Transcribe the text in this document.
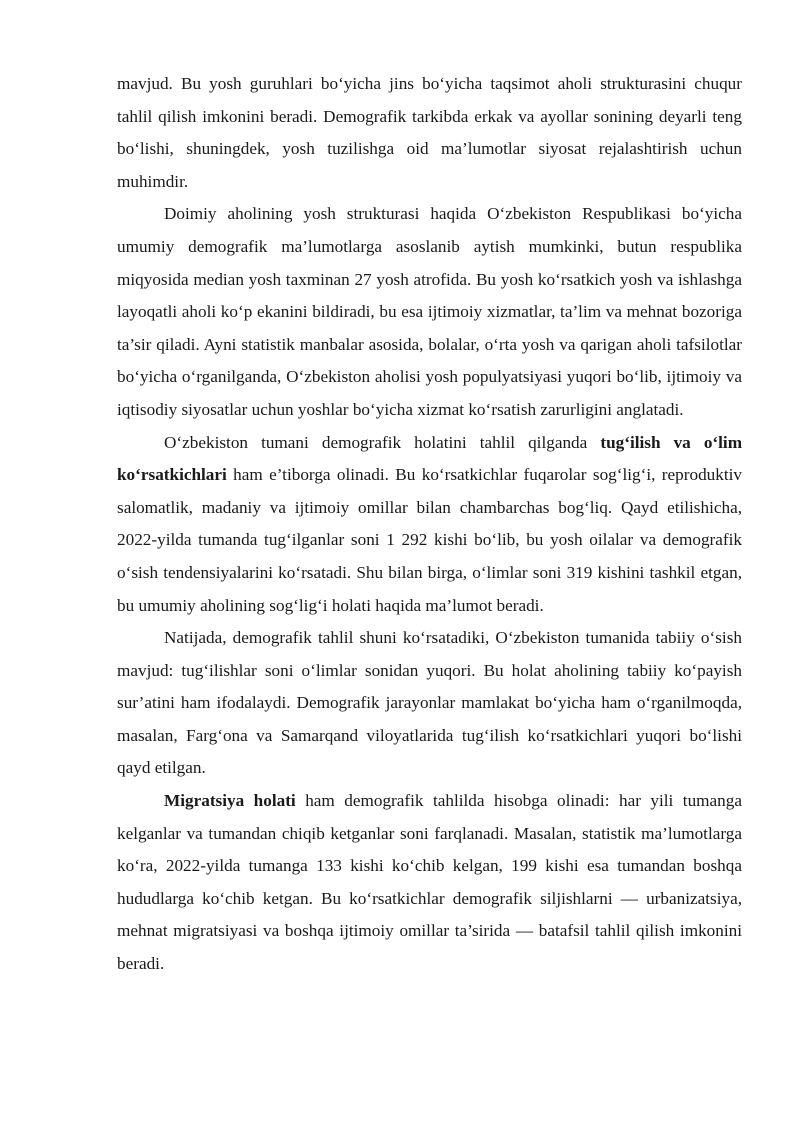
mavjud. Bu yosh guruhlari bo‘yicha jins bo‘yicha taqsimot aholi strukturasini chuqur tahlil qilish imkonini beradi. Demografik tarkibda erkak va ayollar sonining deyarli teng bo‘lishi, shuningdek, yosh tuzilishga oid ma’lumotlar siyosat rejalashtirish uchun muhimdir.

Doimiy aholining yosh strukturasi haqida O‘zbekiston Respublikasi bo‘yicha umumiy demografik ma’lumotlarga asoslanib aytish mumkinki, butun respublika miqyosida median yosh taxminan 27 yosh atrofida. Bu yosh ko‘rsatkich yosh va ishlashga layoqatli aholi ko‘p ekanini bildiradi, bu esa ijtimoiy xizmatlar, ta’lim va mehnat bozoriga ta’sir qiladi. Ayni statistik manbalar asosida, bolalar, o‘rta yosh va qarigan aholi tafsilotlar bo‘yicha o‘rganilganda, O‘zbekiston aholisi yosh populyatsiyasi yuqori bo‘lib, ijtimoiy va iqtisodiy siyosatlar uchun yoshlar bo‘yicha xizmat ko‘rsatish zarurligini anglatadi.

O‘zbekiston tumani demografik holatini tahlil qilganda tug‘ilish va o‘lim ko‘rsatkichlari ham e’tiborga olinadi. Bu ko‘rsatkichlar fuqarolar sog‘lig‘i, reproduktiv salomatlik, madaniy va ijtimoiy omillar bilan chambarchas bog‘liq. Qayd etilishicha, 2022-yilda tumanda tug‘ilganlar soni 1 292 kishi bo‘lib, bu yosh oilalar va demografik o‘sish tendensiyalarini ko‘rsatadi. Shu bilan birga, o‘limlar soni 319 kishini tashkil etgan, bu umumiy aholining sog‘lig‘i holati haqida ma’lumot beradi.

Natijada, demografik tahlil shuni ko‘rsatadiki, O‘zbekiston tumanida tabiiy o‘sish mavjud: tug‘ilishlar soni o‘limlar sonidan yuqori. Bu holat aholining tabiiy ko‘payish sur’atini ham ifodalaydi. Demografik jarayonlar mamlakat bo‘yicha ham o‘rganilmoqda, masalan, Farg‘ona va Samarqand viloyatlarida tug‘ilish ko‘rsatkichlari yuqori bo‘lishi qayd etilgan.

Migratsiya holati ham demografik tahlilda hisobga olinadi: har yili tumanga kelganlar va tumandan chiqib ketganlar soni farqlanadi. Masalan, statistik ma’lumotlarga ko‘ra, 2022-yilda tumanga 133 kishi ko‘chib kelgan, 199 kishi esa tumandan boshqa hududlarga ko‘chib ketgan. Bu ko‘rsatkichlar demografik siljishlarni — urbanizatsiya, mehnat migratsiyasi va boshqa ijtimoiy omillar ta’sirida — batafsil tahlil qilish imkonini beradi.
